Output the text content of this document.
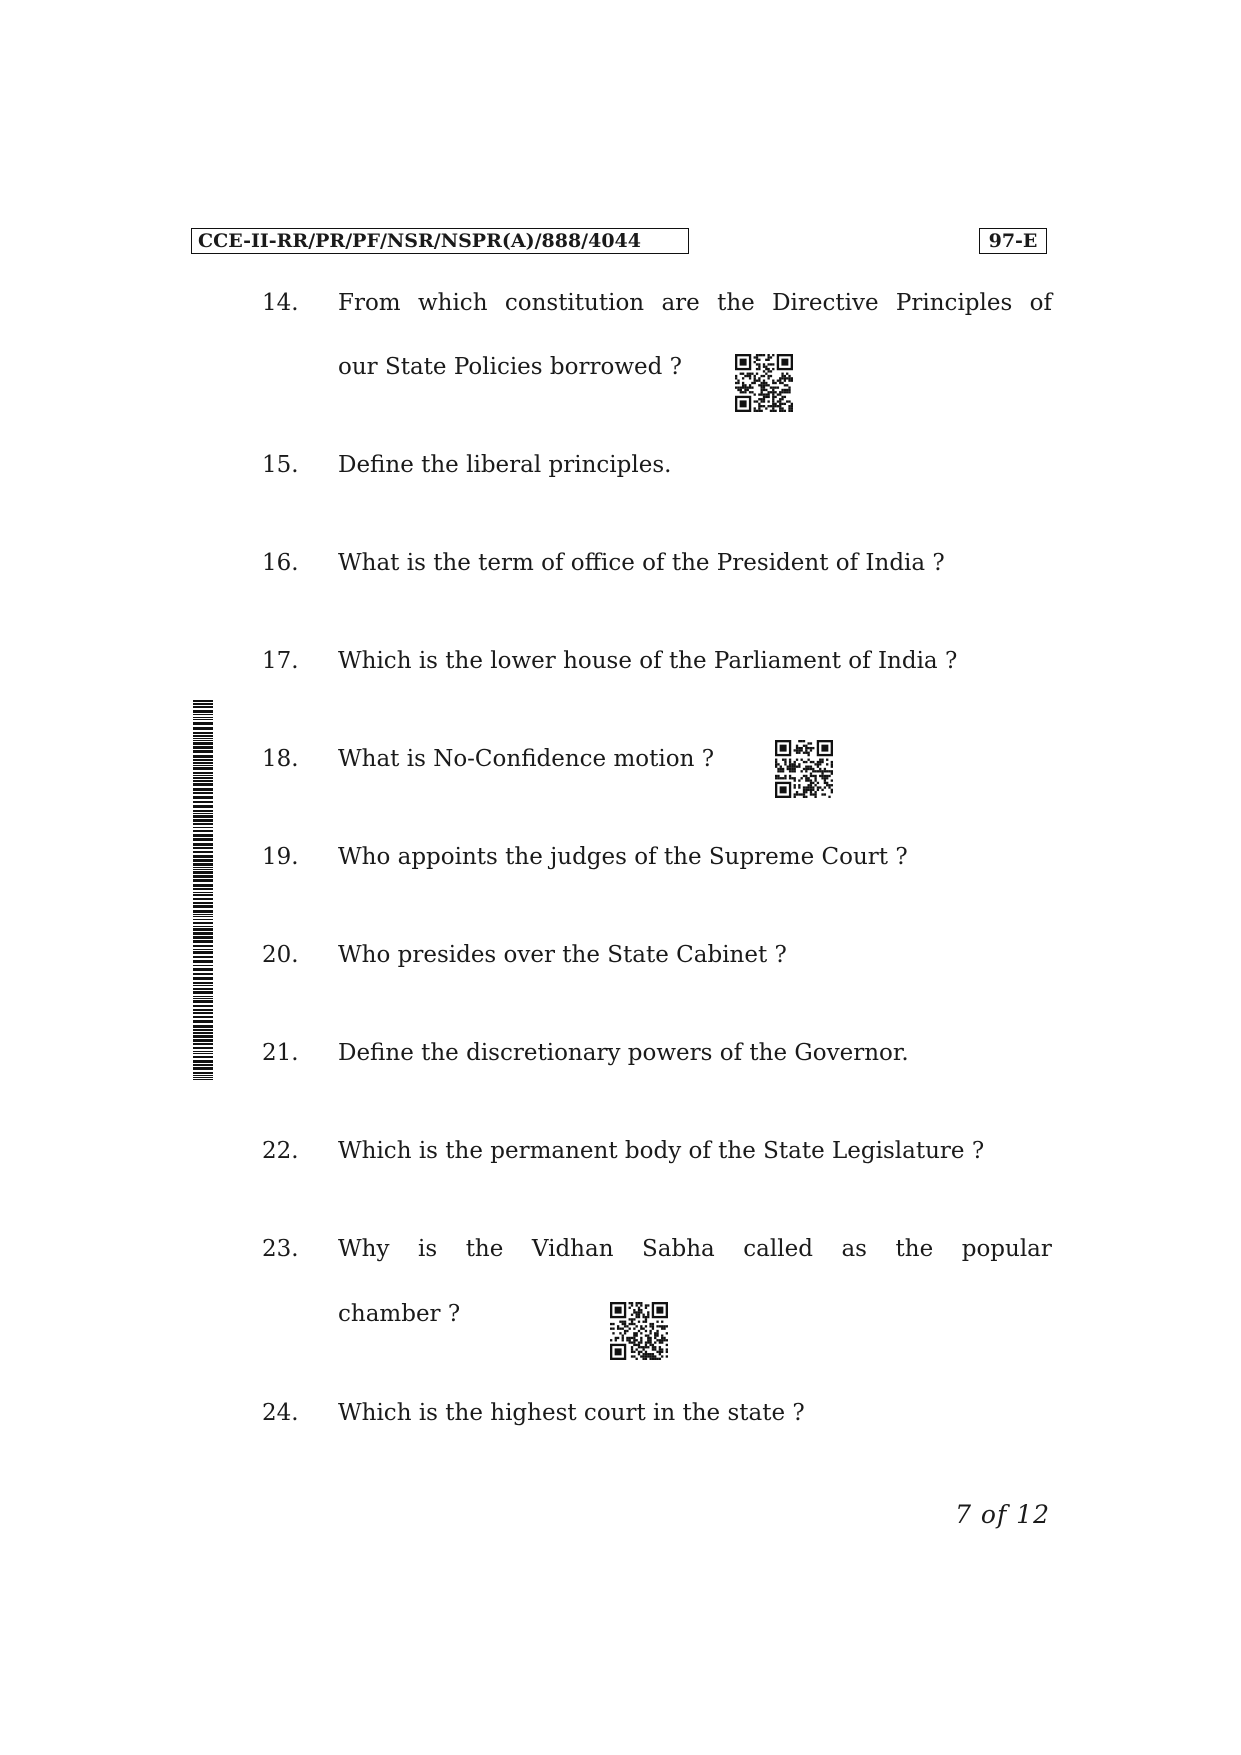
CCE-II-RR/PR/PF/NSR/NSPR(A)/888/4044	97-E
14. From which constitution are the Directive Principles of
our State Policies borrowed ?
15. Define the liberal principles.
16. What is the term of office of the President of India ?
17. Which is the lower house of the Parliament of India ?
18. What is No-Confidence motion ?
19. Who appoints the judges of the Supreme Court ?
20. Who presides over the State Cabinet ?
21. Define the discretionary powers of the Governor.
22. Which is the permanent body of the State Legislature ?
23. Why is the Vidhan Sabha called as the popular
chamber ?
24. Which is the highest court in the state ?
7 of 12
